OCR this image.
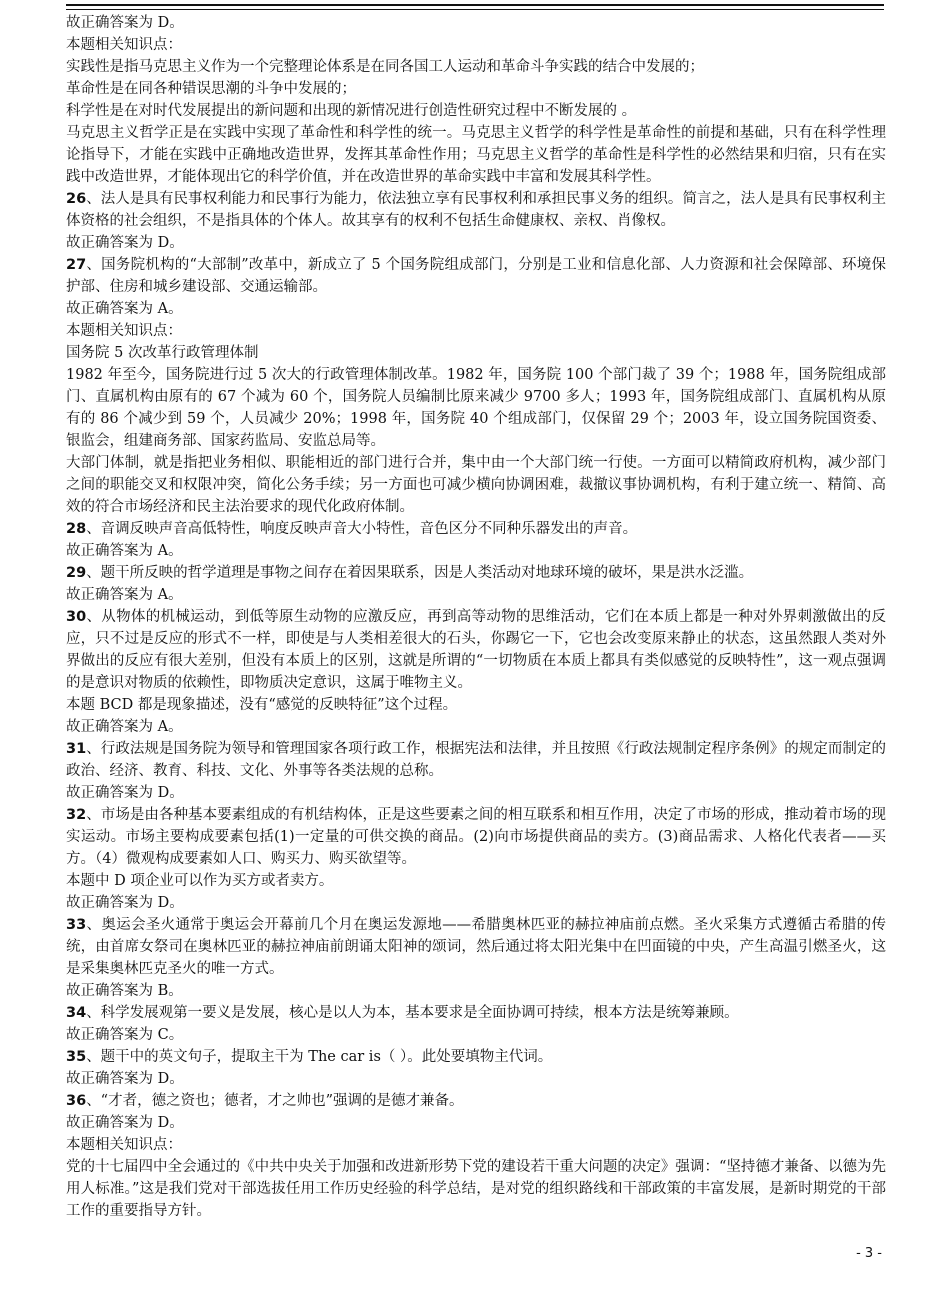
故正确答案为 D。
本题相关知识点：
实践性是指马克思主义作为一个完整理论体系是在同各国工人运动和革命斗争实践的结合中发展的；
革命性是在同各种错误思潮的斗争中发展的；
科学性是在对时代发展提出的新问题和出现的新情况进行创造性研究过程中不断发展的 。
马克思主义哲学正是在实践中实现了革命性和科学性的统一。马克思主义哲学的科学性是革命性的前提和基础，只有在科学性理论指导下，才能在实践中正确地改造世界，发挥其革命性作用；马克思主义哲学的革命性是科学性的必然结果和归宿，只有在实践中改造世界，才能体现出它的科学价值，并在改造世界的革命实践中丰富和发展其科学性。
26、法人是具有民事权利能力和民事行为能力，依法独立享有民事权利和承担民事义务的组织。简言之，法人是具有民事权利主体资格的社会组织，不是指具体的个体人。故其享有的权利不包括生命健康权、亲权、肖像权。
故正确答案为 D。
27、国务院机构的“大部制”改革中，新成立了 5 个国务院组成部门，分别是工业和信息化部、人力资源和社会保障部、环境保护部、住房和城乡建设部、交通运输部。
故正确答案为 A。
本题相关知识点：
国务院 5 次改革行政管理体制
1982 年至今，国务院进行过 5 次大的行政管理体制改革。1982 年，国务院 100 个部门裁了 39 个；1988 年，国务院组成部门、直属机构由原有的 67 个减为 60 个，国务院人员编制比原来减少 9700 多人；1993 年，国务院组成部门、直属机构从原有的 86 个减少到 59 个，人员减少 20%；1998 年，国务院 40 个组成部门，仅保留 29 个；2003 年，设立国务院国资委、银监会，组建商务部、国家药监局、安监总局等。
大部门体制，就是指把业务相似、职能相近的部门进行合并，集中由一个大部门统一行使。一方面可以精简政府机构，减少部门之间的职能交叉和权限冲突，简化公务手续；另一方面也可减少横向协调困难，裁撤议事协调机构，有利于建立统一、精简、高效的符合市场经济和民主法治要求的现代化政府体制。
28、音调反映声音高低特性，响度反映声音大小特性，音色区分不同种乐器发出的声音。
故正确答案为 A。
29、题干所反映的哲学道理是事物之间存在着因果联系，因是人类活动对地球环境的破坏，果是洪水泛滥。
故正确答案为 A。
30、从物体的机械运动，到低等原生动物的应激反应，再到高等动物的思维活动，它们在本质上都是一种对外界刺激做出的反应，只不过是反应的形式不一样，即使是与人类相差很大的石头，你踢它一下，它也会改变原来静止的状态，这虽然跟人类对外界做出的反应有很大差别，但没有本质上的区别，这就是所谓的“一切物质在本质上都具有类似感觉的反映特性”，这一观点强调的是意识对物质的依赖性，即物质决定意识，这属于唯物主义。
本题 BCD 都是现象描述，没有“感觉的反映特征”这个过程。
故正确答案为 A。
31、行政法规是国务院为领导和管理国家各项行政工作，根据宪法和法律，并且按照《行政法规制定程序条例》的规定而制定的政治、经济、教育、科技、文化、外事等各类法规的总称。
故正确答案为 D。
32、市场是由各种基本要素组成的有机结构体，正是这些要素之间的相互联系和相互作用，决定了市场的形成，推动着市场的现实运动。市场主要构成要素包括(1)一定量的可供交换的商品。(2)向市场提供商品的卖方。(3)商品需求、人格化代表者——买方。（4）微观构成要素如人口、购买力、购买欲望等。
本题中 D 项企业可以作为买方或者卖方。
故正确答案为 D。
33、奥运会圣火通常于奥运会开幕前几个月在奥运发源地——希腊奥林匹亚的赫拉神庙前点燃。圣火采集方式遵循古希腊的传统，由首席女祭司在奥林匹亚的赫拉神庙前朗诵太阳神的颂词，然后通过将太阳光集中在凹面镜的中央，产生高温引燃圣火，这是采集奥林匹克圣火的唯一方式。
故正确答案为 B。
34、科学发展观第一要义是发展，核心是以人为本，基本要求是全面协调可持续，根本方法是统筹兼顾。
故正确答案为 C。
35、题干中的英文句子，提取主干为 The car is（ ）。此处要填物主代词。
故正确答案为 D。
36、“才者，德之资也；德者，才之帅也”强调的是德才兼备。
故正确答案为 D。
本题相关知识点：
党的十七届四中全会通过的《中共中央关于加强和改进新形势下党的建设若干重大问题的决定》强调：“坚持德才兼备、以德为先用人标准。”这是我们党对干部选拔任用工作历史经验的科学总结，是对党的组织路线和干部政策的丰富发展，是新时期党的干部工作的重要指导方针。
- 3 -
